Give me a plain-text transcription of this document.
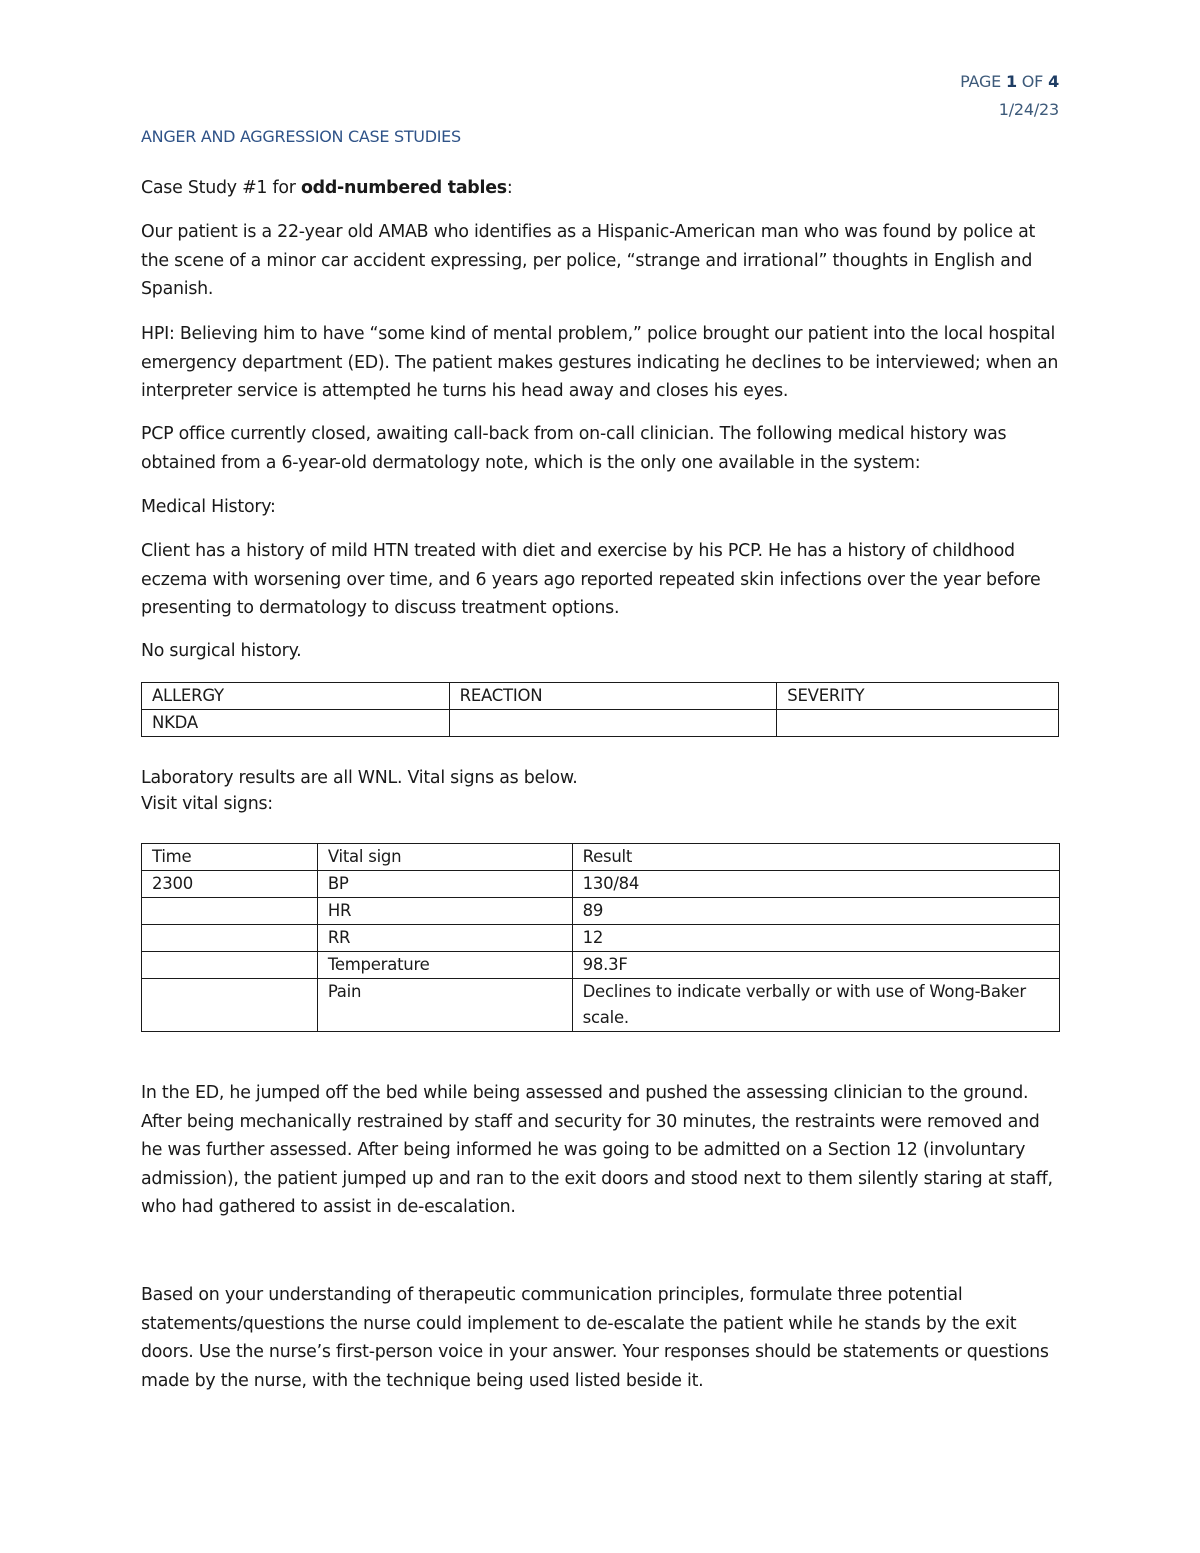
PAGE 1 OF 4
1/24/23
ANGER AND AGGRESSION CASE STUDIES

Case Study #1 for odd-numbered tables:

Our patient is a 22-year old AMAB who identifies as a Hispanic-American man who was found by police at the scene of a minor car accident expressing, per police, “strange and irrational” thoughts in English and Spanish.

HPI: Believing him to have “some kind of mental problem,” police brought our patient into the local hospital emergency department (ED). The patient makes gestures indicating he declines to be interviewed; when an interpreter service is attempted he turns his head away and closes his eyes.

PCP office currently closed, awaiting call-back from on-call clinician. The following medical history was obtained from a 6-year-old dermatology note, which is the only one available in the system:

Medical History:

Client has a history of mild HTN treated with diet and exercise by his PCP. He has a history of childhood eczema with worsening over time, and 6 years ago reported repeated skin infections over the year before presenting to dermatology to discuss treatment options.

No surgical history.

ALLERGY	REACTION	SEVERITY
NKDA		

Laboratory results are all WNL. Vital signs as below.

Visit vital signs:

Time	Vital sign	Result
2300	BP	130/84
	HR	89
	RR	12
	Temperature	98.3F
	Pain	Declines to indicate verbally or with use of Wong-Baker scale.

In the ED, he jumped off the bed while being assessed and pushed the assessing clinician to the ground. After being mechanically restrained by staff and security for 30 minutes, the restraints were removed and he was further assessed. After being informed he was going to be admitted on a Section 12 (involuntary admission), the patient jumped up and ran to the exit doors and stood next to them silently staring at staff, who had gathered to assist in de-escalation.

Based on your understanding of therapeutic communication principles, formulate three potential statements/questions the nurse could implement to de-escalate the patient while he stands by the exit doors. Use the nurse’s first-person voice in your answer. Your responses should be statements or questions made by the nurse, with the technique being used listed beside it.
